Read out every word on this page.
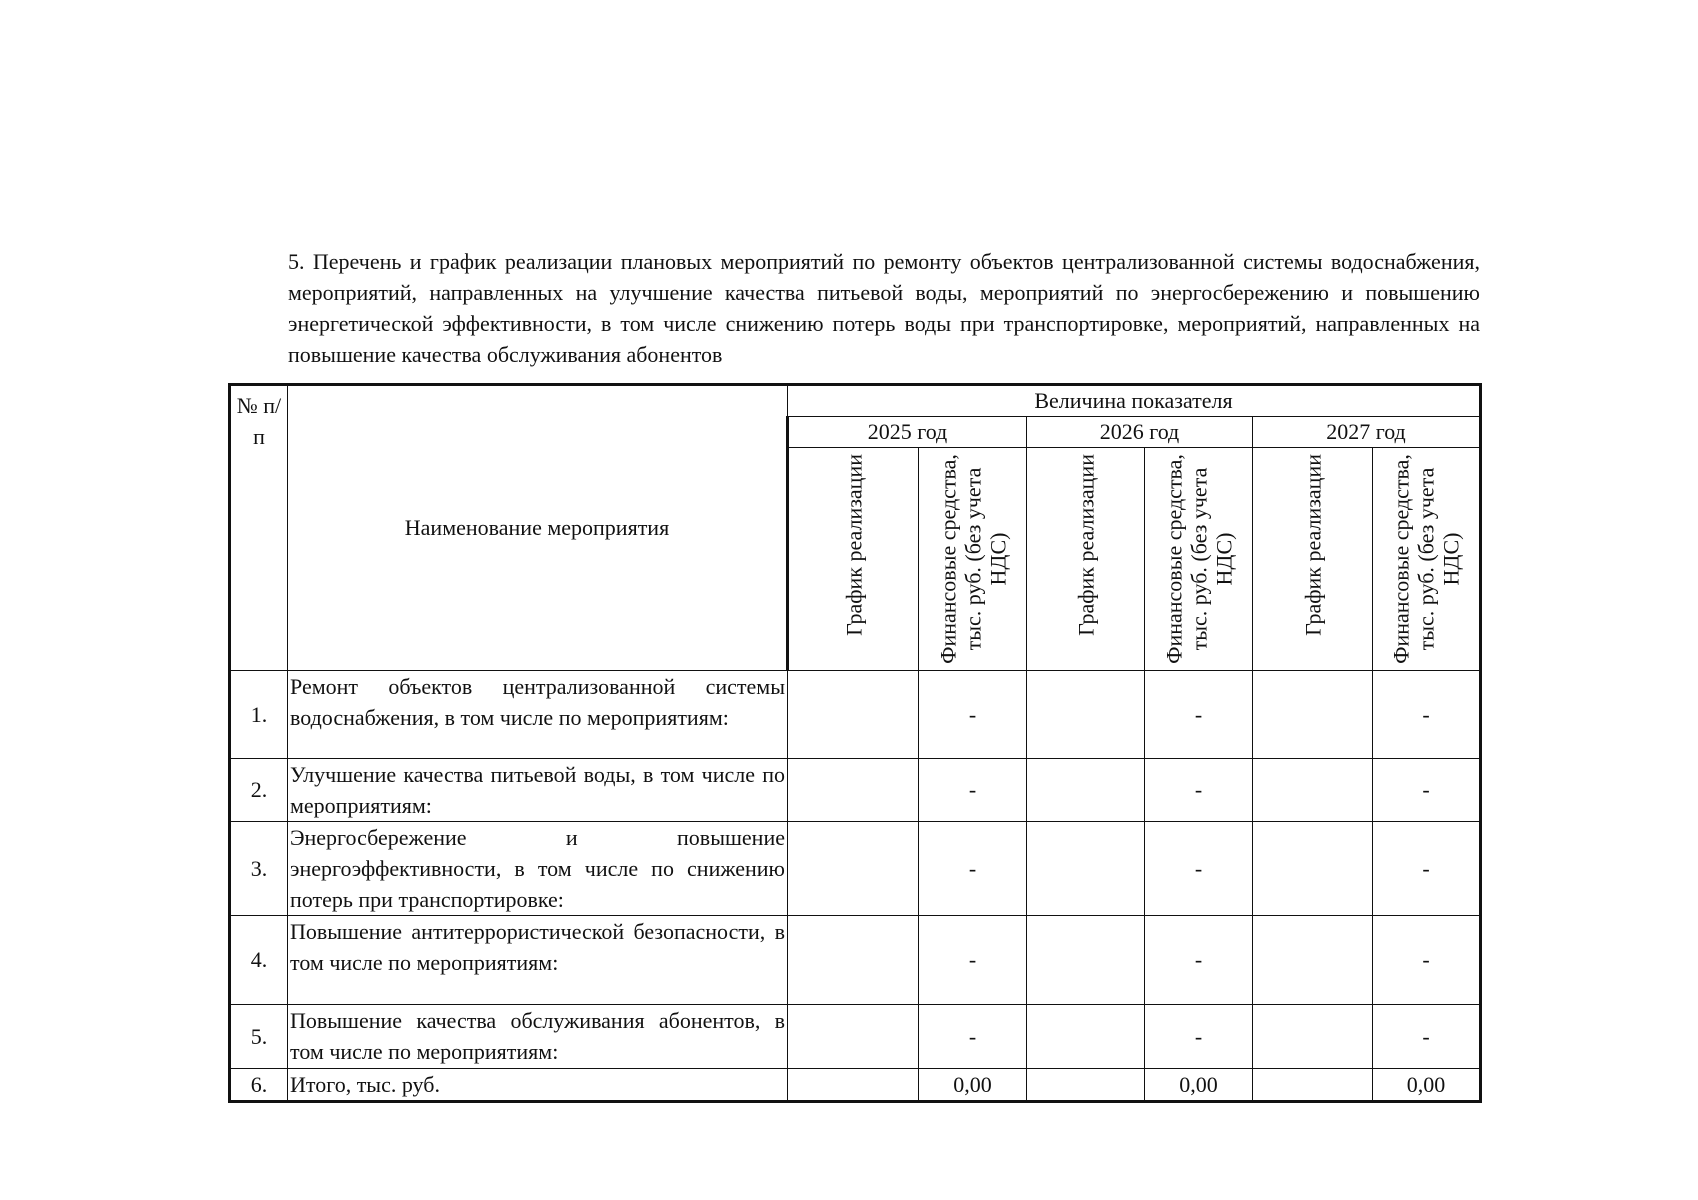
5. Перечень и график реализации плановых мероприятий по ремонту объектов централизованной системы водоснабжения, мероприятий, направленных на улучшение качества питьевой воды, мероприятий по энергосбережению и повышению энергетической эффективности, в том числе снижению потерь воды при транспортировке, мероприятий, направленных на повышение качества обслуживания абонентов
№ п/п	Наименование мероприятия	Величина показателя					
		2025 год		2026 год		2027 год	

		График реализации	Финансовые средства, тыс. руб. (без учета НДС)	График реализации	Финансовые средства, тыс. руб. (без учета НДС)	График реализации	Финансовые средства, тыс. руб. (без учета НДС)

1.	Ремонт объектов централизованной системы водоснабжения, в том числе по мероприятиям:		-		-		-
2.	Улучшение качества питьевой воды, в том числе по мероприятиям:		-		-		-
3.	Энергосбережение и повышение энергоэффективности, в том числе по снижению потерь при транспортировке:		-		-		-
4.	Повышение антитеррористической безопасности, в том числе по мероприятиям:		-		-		-
5.	Повышение качества обслуживания абонентов, в том числе по мероприятиям:		-		-		-
6.	Итого, тыс. руб.		0,00		0,00		0,00
